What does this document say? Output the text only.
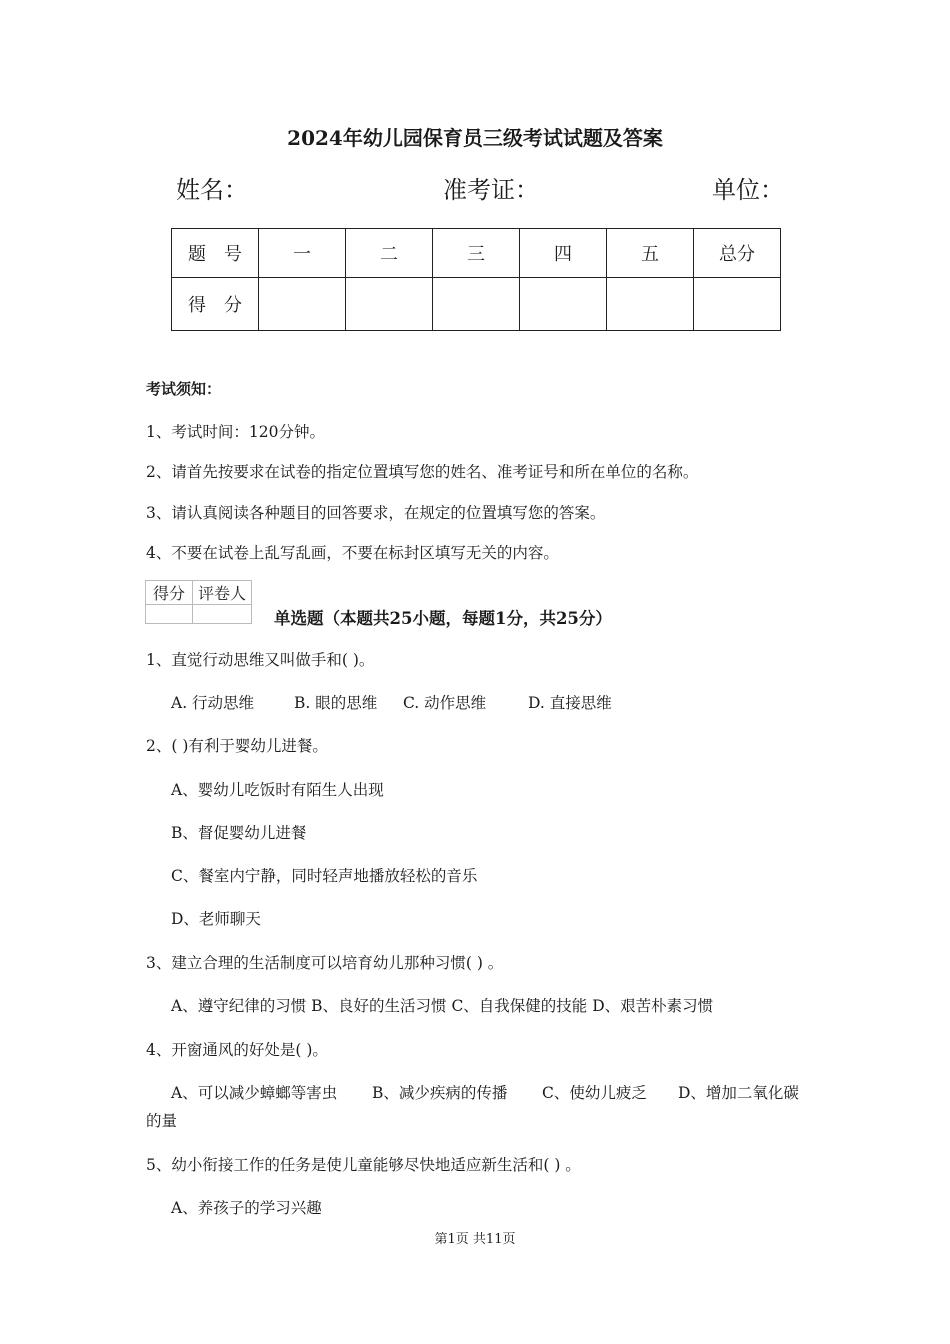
2024年幼儿园保育员三级考试试题及答案
姓名：	准考证：	单位：
题　号	一	二	三	四	五	总分
得　分						
考试须知：
1、考试时间：120分钟。
2、请首先按要求在试卷的指定位置填写您的姓名、准考证号和所在单位的名称。
3、请认真阅读各种题目的回答要求，在规定的位置填写您的答案。
4、不要在试卷上乱写乱画，不要在标封区填写无关的内容。
得分	评卷人

单选题（本题共25小题，每题1分，共25分）
1、直觉行动思维又叫做手和( )。
A. 行动思维	B. 眼的思维 C. 动作思维	D. 直接思维
2、( )有利于婴幼儿进餐。
A、婴幼儿吃饭时有陌生人出现
B、督促婴幼儿进餐
C、餐室内宁静，同时轻声地播放轻松的音乐
D、老师聊天
3、建立合理的生活制度可以培育幼儿那种习惯( ) 。
A、遵守纪律的习惯 B、良好的生活习惯 C、自我保健的技能 D、艰苦朴素习惯
4、开窗通风的好处是( )。
A、可以减少蟑螂等害虫 B、减少疾病的传播 C、使幼儿疲乏 D、增加二氧化碳
的量
5、幼小衔接工作的任务是使儿童能够尽快地适应新生活和( ) 。
A、养孩子的学习兴趣
第1页 共11页
